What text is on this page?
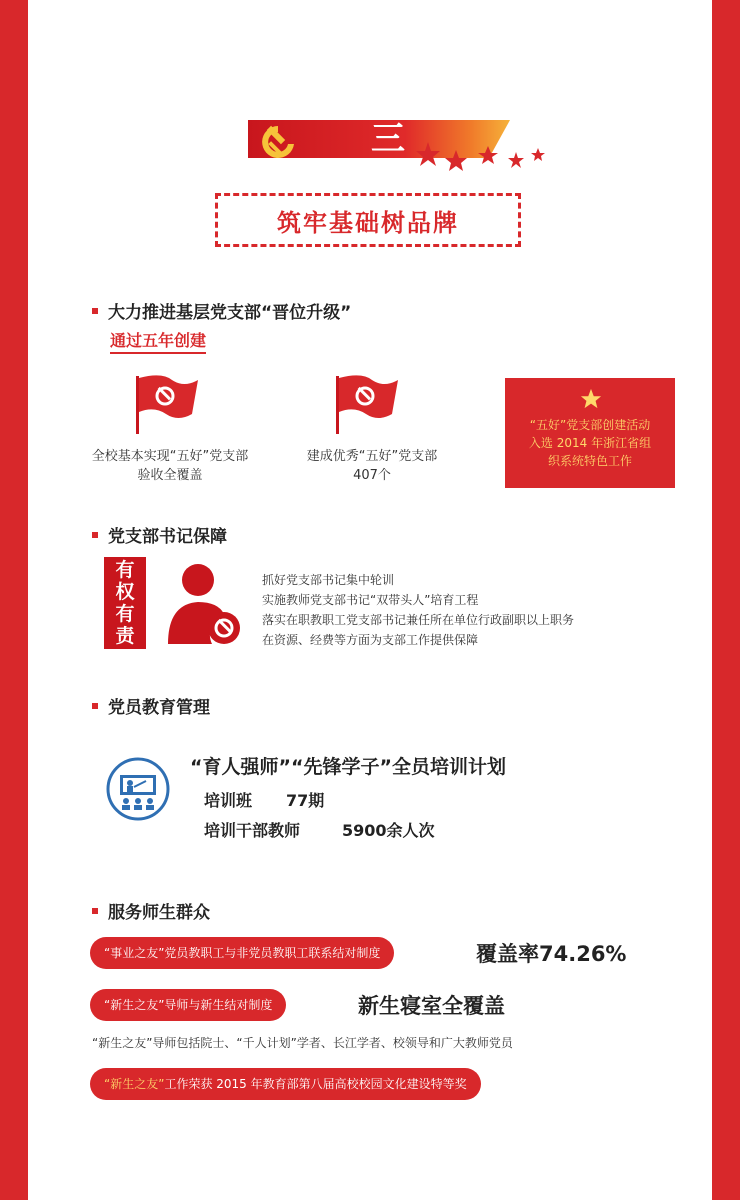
三
筑牢基础树品牌
大力推进基层党支部“晋位升级”
通过五年创建
全校基本实现“五好”党支部
验收全覆盖
建成优秀“五好”党支部
407个
“五好”党支部创建活动
入选 2014 年浙江省组
织系统特色工作
党支部书记保障
有
权
有
责
抓好党支部书记集中轮训
实施教师党支部书记“双带头人”培育工程
落实在职教职工党支部书记兼任所在单位行政副职以上职务
在资源、经费等方面为支部工作提供保障
党员教育管理
“育人强师”“先锋学子”全员培训计划
培训班 77期
培训干部教师	5900余人次
服务师生群众
“事业之友”党员教职工与非党员教职工联系结对制度	覆盖率74.26%
“新生之友”导师与新生结对制度	新生寝室全覆盖
“新生之友”导师包括院士、“千人计划”学者、长江学者、校领导和广大教师党员
“新生之友”工作荣获 2015 年教育部第八届高校校园文化建设特等奖
